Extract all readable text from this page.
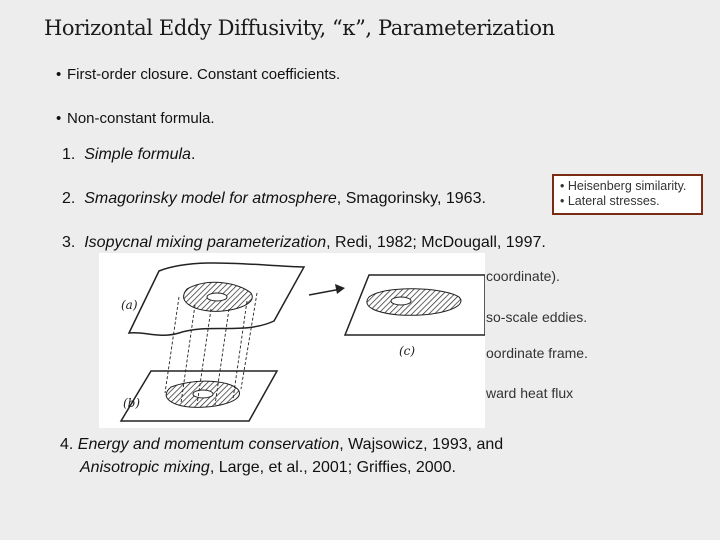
Horizontal Eddy Diffusivity, “κ”, Parameterization
• First-order closure. Constant coefficients.
• Non-constant formula.
1. Simple formula.
2. Smagorinsky model for atmosphere, Smagorinsky, 1963.
• Heisenberg similarity.
• Lateral stresses.
3. Isopycnal mixing parameterization, Redi, 1982; McDougall, 1997.
coordinate).
so-scale eddies.
oordinate frame.
ward heat flux
(a)
(b)
(c)
4. Energy and momentum conservation, Wajsowicz, 1993, and
Anisotropic mixing, Large, et al., 2001; Griffies, 2000.
